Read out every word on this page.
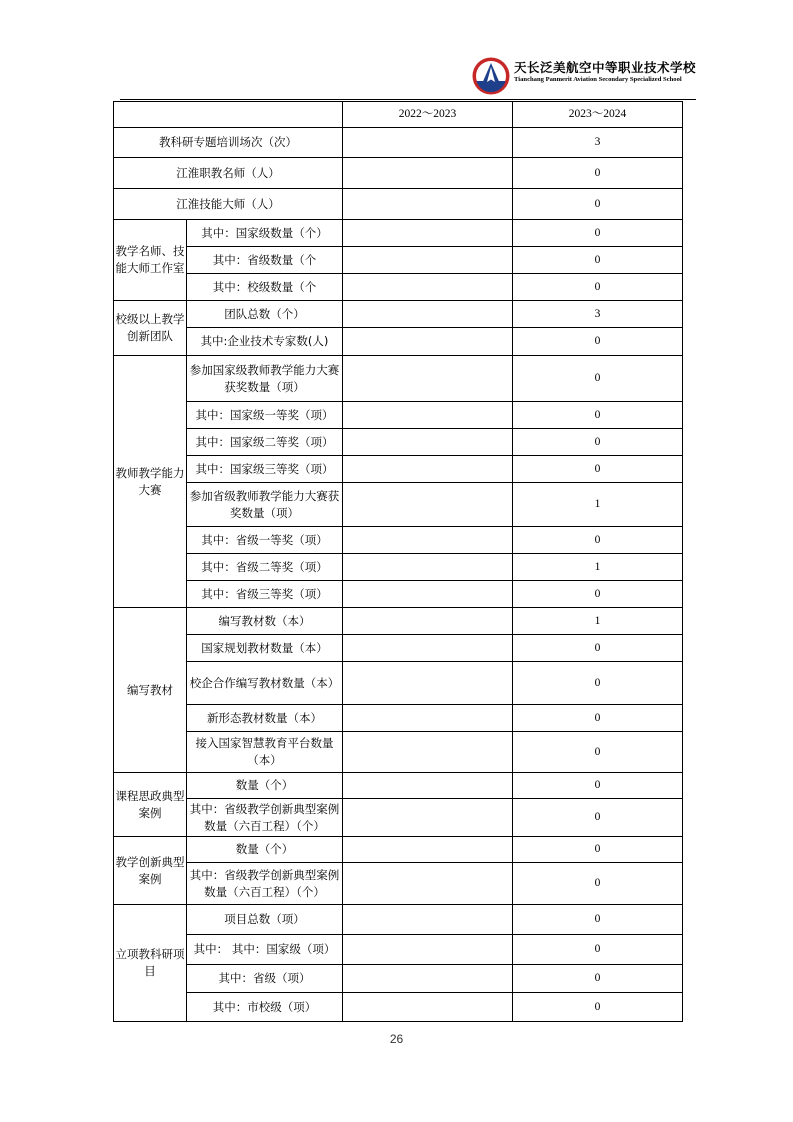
天长泛美航空中等职业技术学校
Tianchang Panmerit Aviation Secondary Specialized School
		2022～2023	2023～2024
教科研专题培训场次（次）			3
江淮职教名师（人）			0
江淮技能大师（人）			0
教学名师、技能大师工作室	其中：国家级数量（个）		0
	其中：省级数量（个		0
	其中：校级数量（个		0
校级以上教学创新团队	团队总数（个）		3
	其中:企业技术专家数(人)		0
教师教学能力大赛	参加国家级教师教学能力大赛获奖数量（项）		0
	其中：国家级一等奖（项）		0
	其中：国家级二等奖（项）		0
	其中：国家级三等奖（项）		0
	参加省级教师教学能力大赛获奖数量（项）		1
	其中：省级一等奖（项）		0
	其中：省级二等奖（项）		1
	其中：省级三等奖（项）		0
编写教材	编写教材数（本）		1
	国家规划教材数量（本）		0
	校企合作编写教材数量（本）		0
	新形态教材数量（本）		0
	接入国家智慧教育平台数量（本）		0
课程思政典型案例	数量（个）		0
	其中：省级教学创新典型案例数量（六百工程）（个）		0
教学创新典型案例	数量（个）		0
	其中：省级教学创新典型案例数量（六百工程）（个）		0
立项教科研项目	项目总数（项）		0
	其中： 其中：国家级（项）		0
	其中：省级（项）		0
	其中：市校级（项）		0
26
